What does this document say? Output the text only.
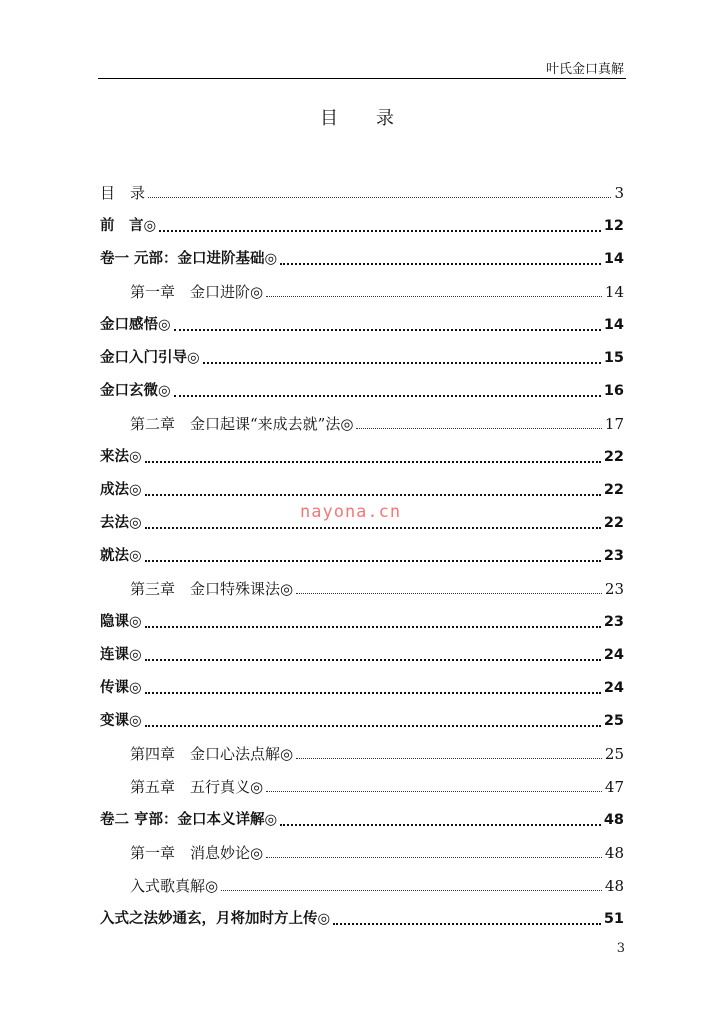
叶氏金口真解
目　录
目　录	3
前　言◎	12
卷一 元部：金口进阶基础◎	14
第一章　金口进阶◎	14
金口感悟◎	14
金口入门引导◎	15
金口玄微◎	16
第二章　金口起课“来成去就”法◎	17
来法◎	22
成法◎	22
去法◎	22
就法◎	23
第三章　金口特殊课法◎	23
隐课◎	23
连课◎	24
传课◎	24
变课◎	25
第四章　金口心法点解◎	25
第五章　五行真义◎	47
卷二 亨部：金口本义详解◎	48
第一章　消息妙论◎	48
入式歌真解◎	48
入式之法妙通玄，月将加时方上传◎	51
nayona.cn
3
